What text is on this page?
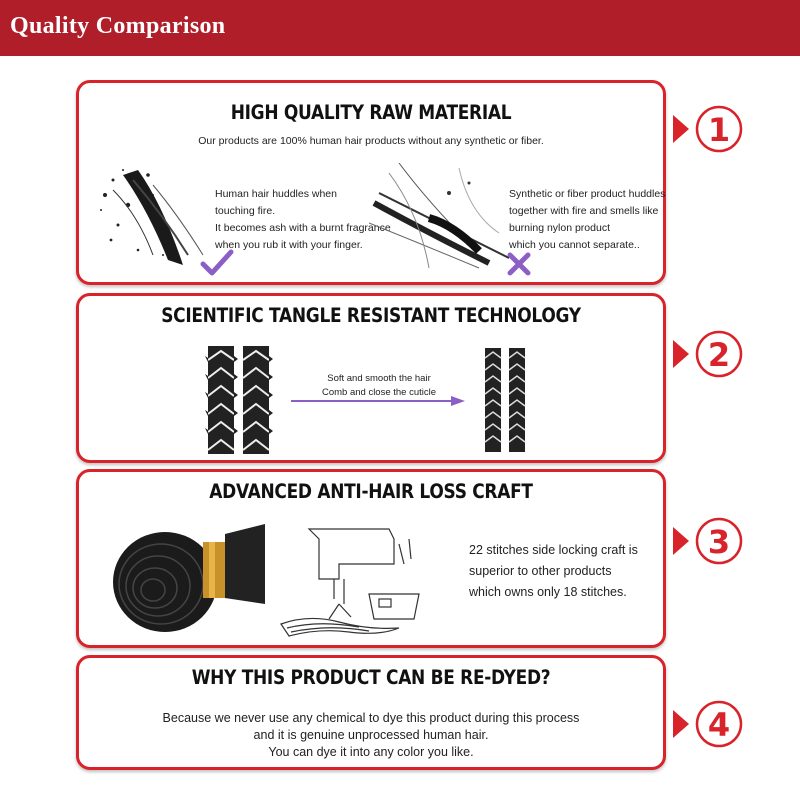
Quality Comparison
HIGH QUALITY RAW MATERIAL
Our products are 100% human hair products without any synthetic or fiber.
Human hair huddles when
touching fire.
It becomes ash with a burnt fragrance
when you rub it with your finger.
Synthetic or fiber product huddles
together with fire and smells like
burning nylon product
which you cannot separate..
SCIENTIFIC TANGLE RESISTANT TECHNOLOGY
Soft and smooth the hair
Comb and close the cuticle
ADVANCED ANTI-HAIR LOSS CRAFT
22 stitches side locking craft is
superior to other products
which owns only 18 stitches.
WHY THIS PRODUCT CAN BE RE-DYED?
Because we never use any chemical to dye this product during this process
and it is genuine unprocessed human hair.
You can dye it into any color you like.
1
2
3
4
